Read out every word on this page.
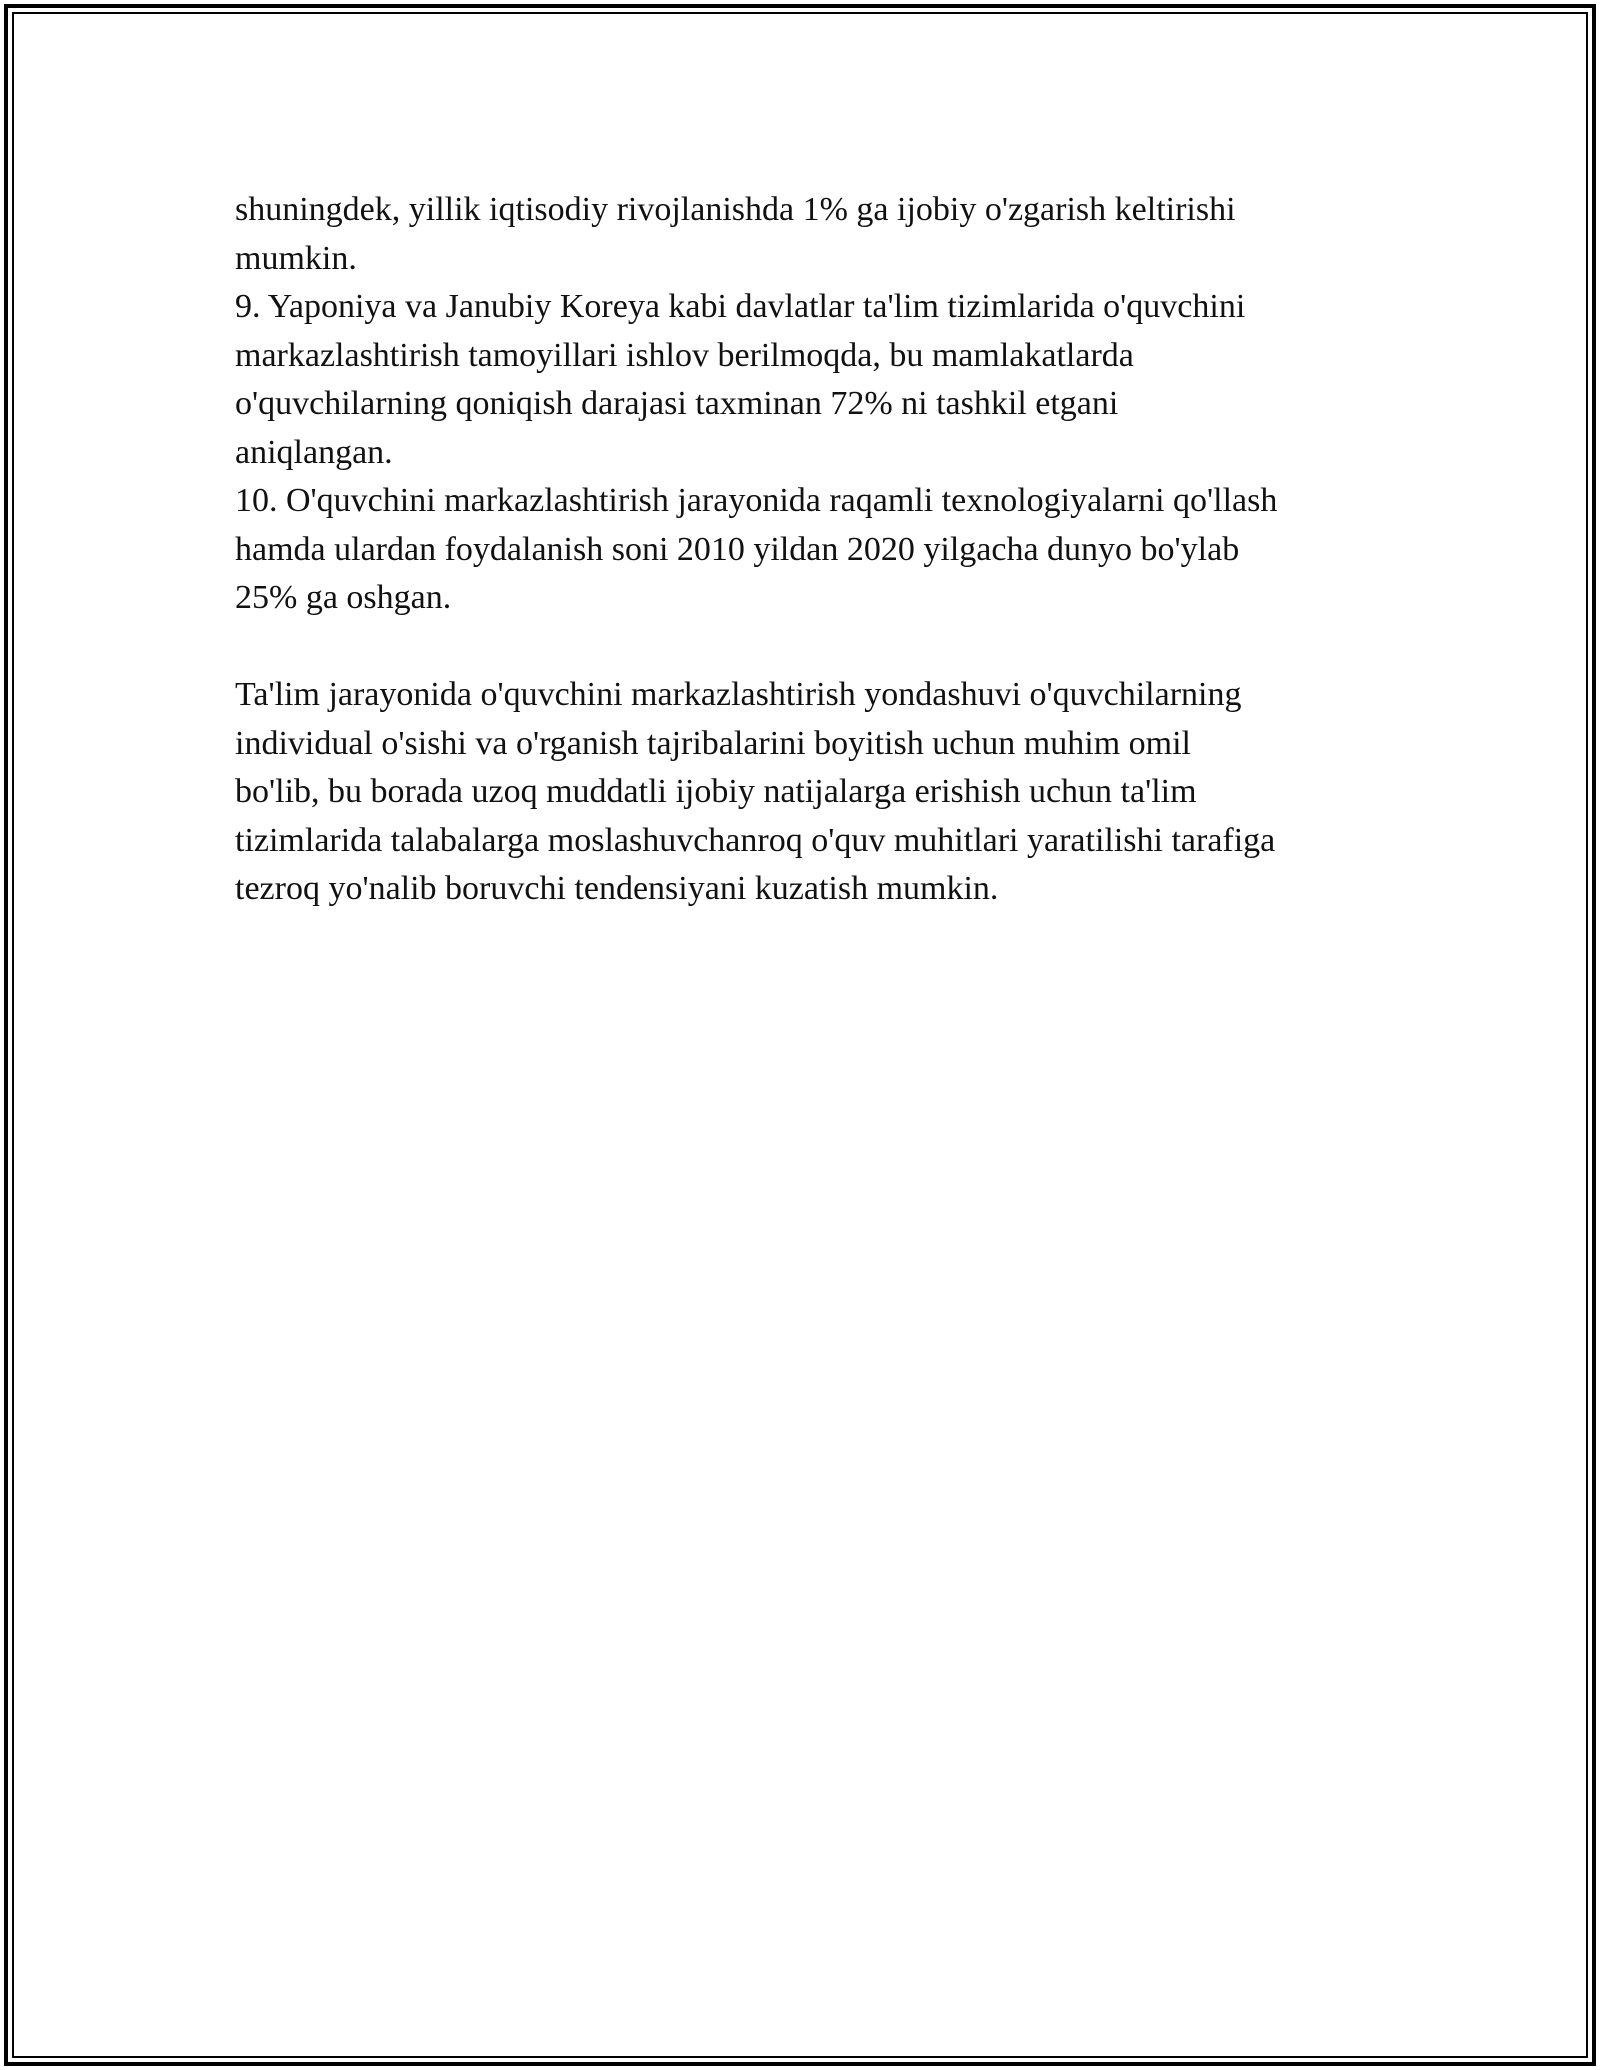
shuningdek, yillik iqtisodiy rivojlanishda 1% ga ijobiy o'zgarish keltirishi
mumkin.
9. Yaponiya va Janubiy Koreya kabi davlatlar ta'lim tizimlarida o'quvchini
markazlashtirish tamoyillari ishlov berilmoqda, bu mamlakatlarda
o'quvchilarning qoniqish darajasi taxminan 72% ni tashkil etgani
aniqlangan.
10. O'quvchini markazlashtirish jarayonida raqamli texnologiyalarni qo'llash
hamda ulardan foydalanish soni 2010 yildan 2020 yilgacha dunyo bo'ylab
25% ga oshgan.
Ta'lim jarayonida o'quvchini markazlashtirish yondashuvi o'quvchilarning
individual o'sishi va o'rganish tajribalarini boyitish uchun muhim omil
bo'lib, bu borada uzoq muddatli ijobiy natijalarga erishish uchun ta'lim
tizimlarida talabalarga moslashuvchanroq o'quv muhitlari yaratilishi tarafiga
tezroq yo'nalib boruvchi tendensiyani kuzatish mumkin.
